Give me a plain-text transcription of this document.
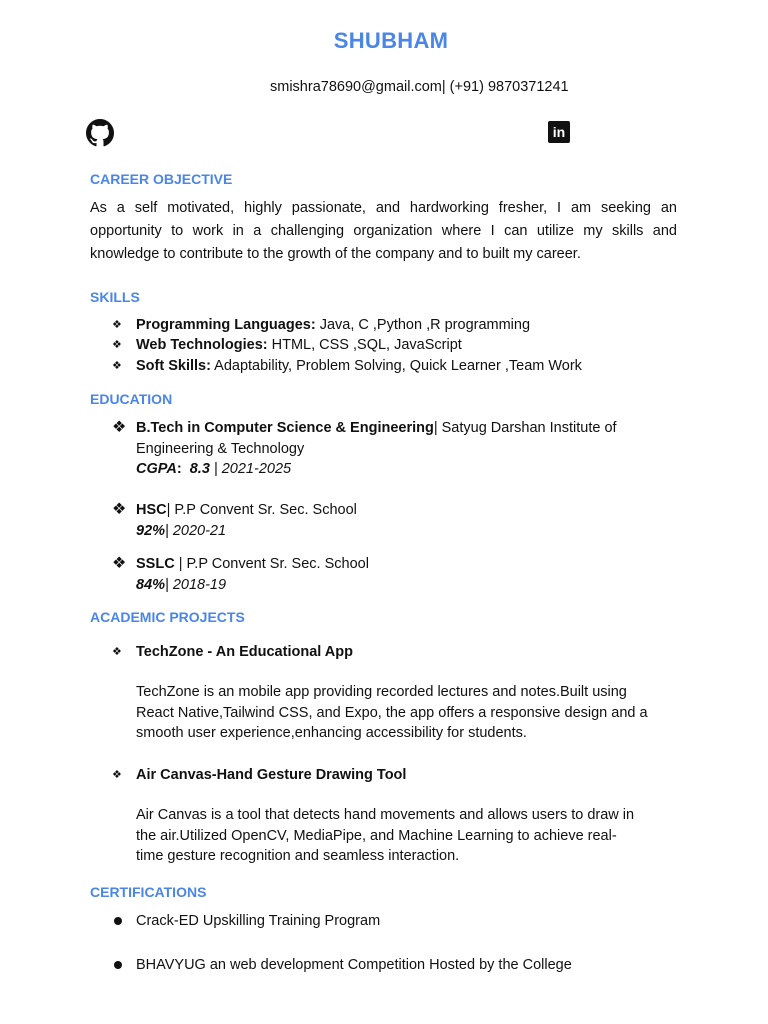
SHUBHAM
smishra78690@gmail.com| (+91) 9870371241
in
CAREER OBJECTIVE
As a self motivated, highly passionate, and hardworking fresher, I am seeking an opportunity to work in a challenging organization where I can utilize my skills and knowledge to contribute to the growth of the company and to built my career.
SKILLS
❖ Programming Languages: Java, C ,Python ,R programming
❖ Web Technologies: HTML, CSS ,SQL, JavaScript
❖ Soft Skills: Adaptability, Problem Solving, Quick Learner ,Team Work
EDUCATION
❖ B.Tech in Computer Science & Engineering| Satyug Darshan Institute of
Engineering & Technology
CGPA: 8.3 | 2021-2025
❖ HSC| P.P Convent Sr. Sec. School
92%| 2020-21
❖ SSLC | P.P Convent Sr. Sec. School
84%| 2018-19
ACADEMIC PROJECTS
❖ TechZone - An Educational App
TechZone is an mobile app providing recorded lectures and notes.Built using
React Native,Tailwind CSS, and Expo, the app offers a responsive design and a
smooth user experience,enhancing accessibility for students.
❖ Air Canvas-Hand Gesture Drawing Tool
Air Canvas is a tool that detects hand movements and allows users to draw in
the air.Utilized OpenCV, MediaPipe, and Machine Learning to achieve real-
time gesture recognition and seamless interaction.
CERTIFICATIONS
Crack-ED Upskilling Training Program
BHAVYUG an web development Competition Hosted by the College
